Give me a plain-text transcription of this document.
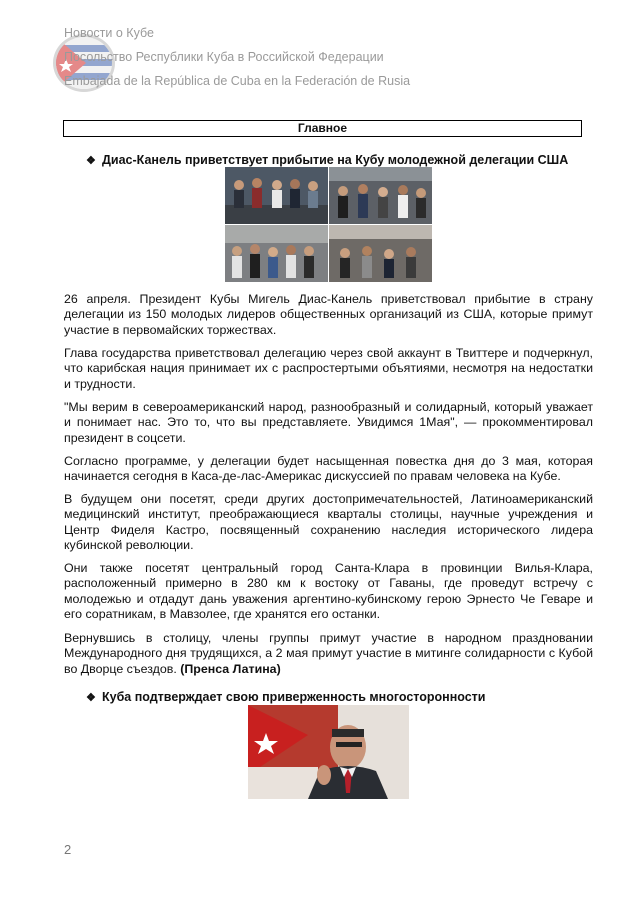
Новости о Кубе
Посольство Республики Куба в Российской Федерации
Embajada de la República de Cuba en la Federación de Rusia
Главное
❖ Диас-Канель приветствует прибытие на Кубу молодежной делегации США

26 апреля. Президент Кубы Мигель Диас-Канель приветствовал прибытие в страну делегации из 150 молодых лидеров общественных организаций из США, которые примут участие в первомайских торжествах.

Глава государства приветствовал делегацию через свой аккаунт в Твиттере и подчеркнул, что карибская нация принимает их с распростертыми объятиями, несмотря на недостатки и трудности.

"Мы верим в североамериканский народ, разнообразный и солидарный, который уважает и понимает нас. Это то, что вы представляете. Увидимся 1Мая", — прокомментировал президент в соцсети.

Согласно программе, у делегации будет насыщенная повестка дня до 3 мая, которая начинается сегодня в Каса-де-лас-Америкас дискуссией по правам человека на Кубе.

В будущем они посетят, среди других достопримечательностей, Латиноамериканский медицинский институт, преображающиеся кварталы столицы, научные учреждения и Центр Фиделя Кастро, посвященный сохранению наследия исторического лидера кубинской революции.

Они также посетят центральный город Санта-Клара в провинции Вилья-Клара, расположенный примерно в 280 км к востоку от Гаваны, где проведут встречу с молодежью и отдадут дань уважения аргентино-кубинскому герою Эрнесто Че Геваре и его соратникам, в Мавзолее, где хранятся его останки.

Вернувшись в столицу, члены группы примут участие в народном праздновании Международного дня трудящихся, а 2 мая примут участие в митинге солидарности с Кубой во Дворце съездов. (Пренса Латина)

❖ Куба подтверждает свою приверженность многосторонности
2
